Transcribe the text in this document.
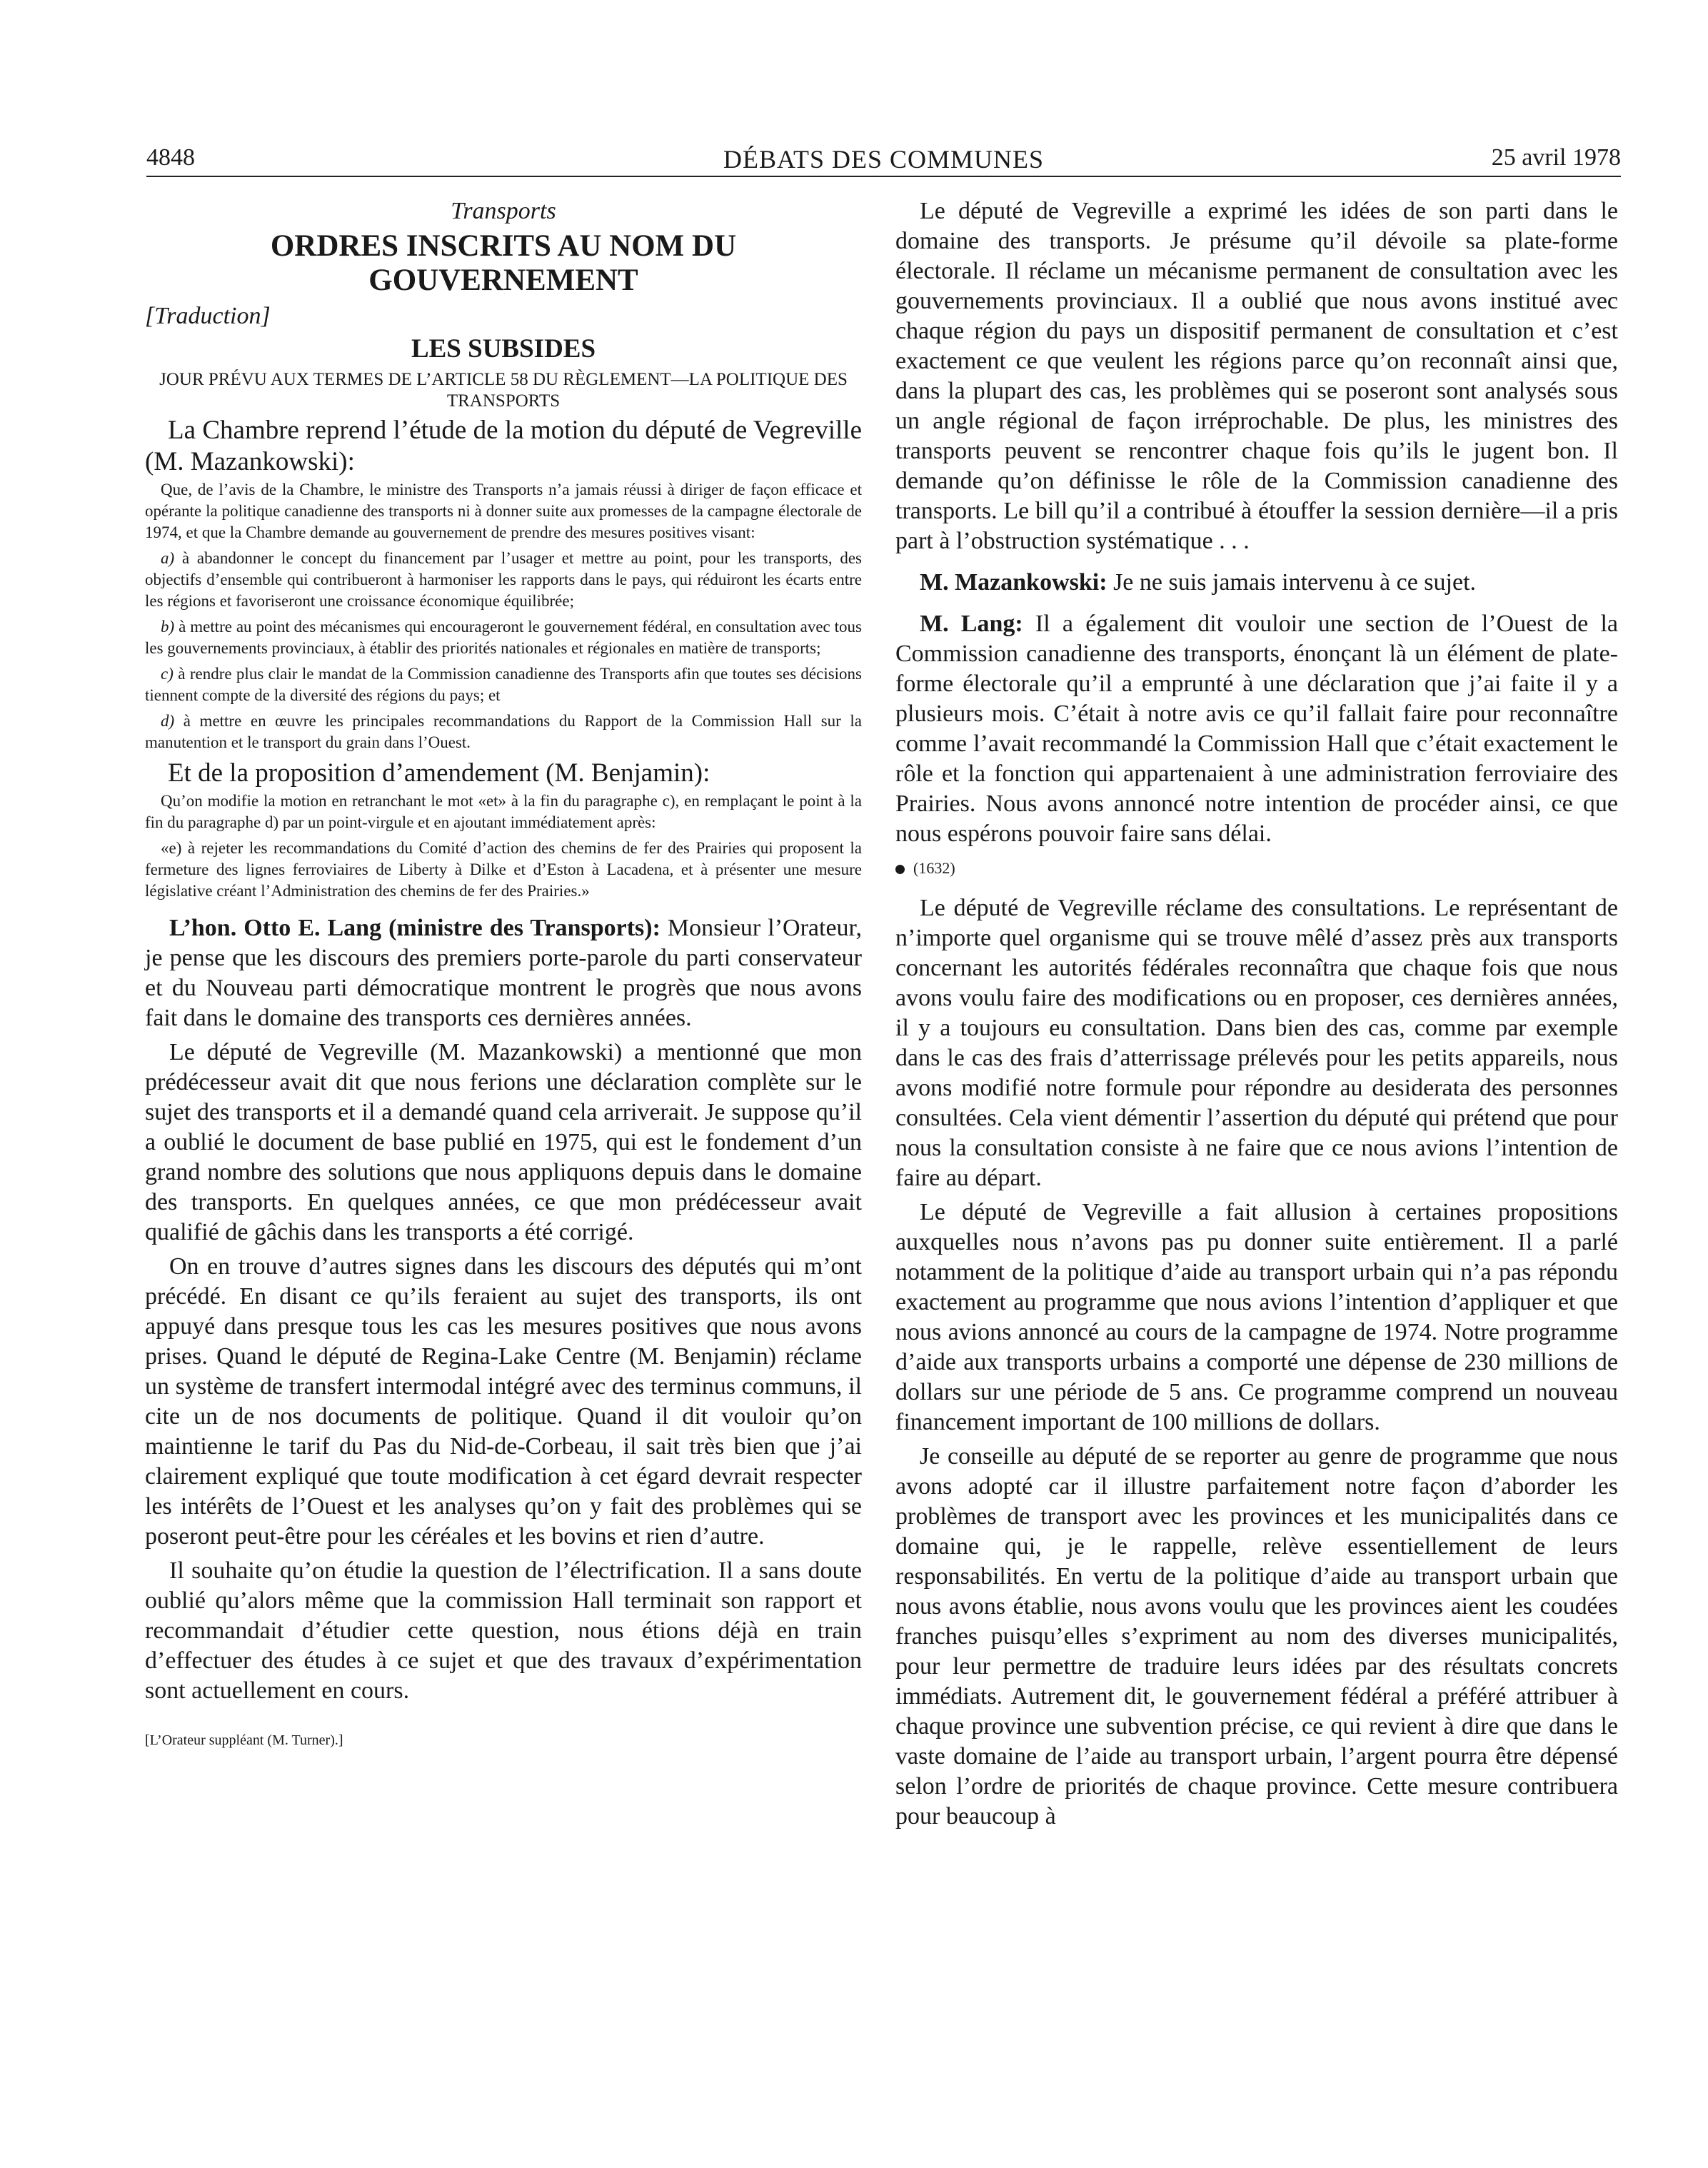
4848	DÉBATS DES COMMUNES	25 avril 1978

Transports

ORDRES INSCRITS AU NOM DU GOUVERNEMENT

[Traduction]

LES SUBSIDES

JOUR PRÉVU AUX TERMES DE L’ARTICLE 58 DU RÈGLEMENT—LA POLITIQUE DES TRANSPORTS

La Chambre reprend l’étude de la motion du député de Vegreville (M. Mazankowski):

Que, de l’avis de la Chambre, le ministre des Transports n’a jamais réussi à diriger de façon efficace et opérante la politique canadienne des transports ni à donner suite aux promesses de la campagne électorale de 1974, et que la Chambre demande au gouvernement de prendre des mesures positives visant:

a) à abandonner le concept du financement par l’usager et mettre au point, pour les transports, des objectifs d’ensemble qui contribueront à harmoniser les rapports dans le pays, qui réduiront les écarts entre les régions et favoriseront une croissance économique équilibrée;

b) à mettre au point des mécanismes qui encourageront le gouvernement fédéral, en consultation avec tous les gouvernements provinciaux, à établir des priorités nationales et régionales en matière de transports;

c) à rendre plus clair le mandat de la Commission canadienne des Transports afin que toutes ses décisions tiennent compte de la diversité des régions du pays; et

d) à mettre en œuvre les principales recommandations du Rapport de la Commission Hall sur la manutention et le transport du grain dans l’Ouest.

Et de la proposition d’amendement (M. Benjamin):

Qu’on modifie la motion en retranchant le mot «et» à la fin du paragraphe c), en remplaçant le point à la fin du paragraphe d) par un point-virgule et en ajoutant immédiatement après:

«e) à rejeter les recommandations du Comité d’action des chemins de fer des Prairies qui proposent la fermeture des lignes ferroviaires de Liberty à Dilke et d’Eston à Lacadena, et à présenter une mesure législative créant l’Administration des chemins de fer des Prairies.»

L’hon. Otto E. Lang (ministre des Transports): Monsieur l’Orateur, je pense que les discours des premiers porte-parole du parti conservateur et du Nouveau parti démocratique montrent le progrès que nous avons fait dans le domaine des transports ces dernières années.

Le député de Vegreville (M. Mazankowski) a mentionné que mon prédécesseur avait dit que nous ferions une déclaration complète sur le sujet des transports et il a demandé quand cela arriverait. Je suppose qu’il a oublié le document de base publié en 1975, qui est le fondement d’un grand nombre des solutions que nous appliquons depuis dans le domaine des transports. En quelques années, ce que mon prédécesseur avait qualifié de gâchis dans les transports a été corrigé.

On en trouve d’autres signes dans les discours des députés qui m’ont précédé. En disant ce qu’ils feraient au sujet des transports, ils ont appuyé dans presque tous les cas les mesures positives que nous avons prises. Quand le député de Regina-Lake Centre (M. Benjamin) réclame un système de transfert intermodal intégré avec des terminus communs, il cite un de nos documents de politique. Quand il dit vouloir qu’on maintienne le tarif du Pas du Nid-de-Corbeau, il sait très bien que j’ai clairement expliqué que toute modification à cet égard devrait respecter les intérêts de l’Ouest et les analyses qu’on y fait des problèmes qui se poseront peut-être pour les céréales et les bovins et rien d’autre.

Il souhaite qu’on étudie la question de l’électrification. Il a sans doute oublié qu’alors même que la commission Hall terminait son rapport et recommandait d’étudier cette question, nous étions déjà en train d’effectuer des études à ce sujet et que des travaux d’expérimentation sont actuellement en cours.

[L’Orateur suppléant (M. Turner).]

Le député de Vegreville a exprimé les idées de son parti dans le domaine des transports. Je présume qu’il dévoile sa plate-forme électorale. Il réclame un mécanisme permanent de consultation avec les gouvernements provinciaux. Il a oublié que nous avons institué avec chaque région du pays un dispositif permanent de consultation et c’est exactement ce que veulent les régions parce qu’on reconnaît ainsi que, dans la plupart des cas, les problèmes qui se poseront sont analysés sous un angle régional de façon irréprochable. De plus, les ministres des transports peuvent se rencontrer chaque fois qu’ils le jugent bon. Il demande qu’on définisse le rôle de la Commission canadienne des transports. Le bill qu’il a contribué à étouffer la session dernière—il a pris part à l’obstruction systématique . . .

M. Mazankowski: Je ne suis jamais intervenu à ce sujet.

M. Lang: Il a également dit vouloir une section de l’Ouest de la Commission canadienne des transports, énonçant là un élément de plate-forme électorale qu’il a emprunté à une déclaration que j’ai faite il y a plusieurs mois. C’était à notre avis ce qu’il fallait faire pour reconnaître comme l’avait recommandé la Commission Hall que c’était exactement le rôle et la fonction qui appartenaient à une administration ferroviaire des Prairies. Nous avons annoncé notre intention de procéder ainsi, ce que nous espérons pouvoir faire sans délai.

(1632)

Le député de Vegreville réclame des consultations. Le représentant de n’importe quel organisme qui se trouve mêlé d’assez près aux transports concernant les autorités fédérales reconnaîtra que chaque fois que nous avons voulu faire des modifications ou en proposer, ces dernières années, il y a toujours eu consultation. Dans bien des cas, comme par exemple dans le cas des frais d’atterrissage prélevés pour les petits appareils, nous avons modifié notre formule pour répondre au desiderata des personnes consultées. Cela vient démentir l’assertion du député qui prétend que pour nous la consultation consiste à ne faire que ce nous avions l’intention de faire au départ.

Le député de Vegreville a fait allusion à certaines propositions auxquelles nous n’avons pas pu donner suite entièrement. Il a parlé notamment de la politique d’aide au transport urbain qui n’a pas répondu exactement au programme que nous avions l’intention d’appliquer et que nous avions annoncé au cours de la campagne de 1974. Notre programme d’aide aux transports urbains a comporté une dépense de 230 millions de dollars sur une période de 5 ans. Ce programme comprend un nouveau financement important de 100 millions de dollars.

Je conseille au député de se reporter au genre de programme que nous avons adopté car il illustre parfaitement notre façon d’aborder les problèmes de transport avec les provinces et les municipalités dans ce domaine qui, je le rappelle, relève essentiellement de leurs responsabilités. En vertu de la politique d’aide au transport urbain que nous avons établie, nous avons voulu que les provinces aient les coudées franches puisqu’elles s’expriment au nom des diverses municipalités, pour leur permettre de traduire leurs idées par des résultats concrets immédiats. Autrement dit, le gouvernement fédéral a préféré attribuer à chaque province une subvention précise, ce qui revient à dire que dans le vaste domaine de l’aide au transport urbain, l’argent pourra être dépensé selon l’ordre de priorités de chaque province. Cette mesure contribuera pour beaucoup à
